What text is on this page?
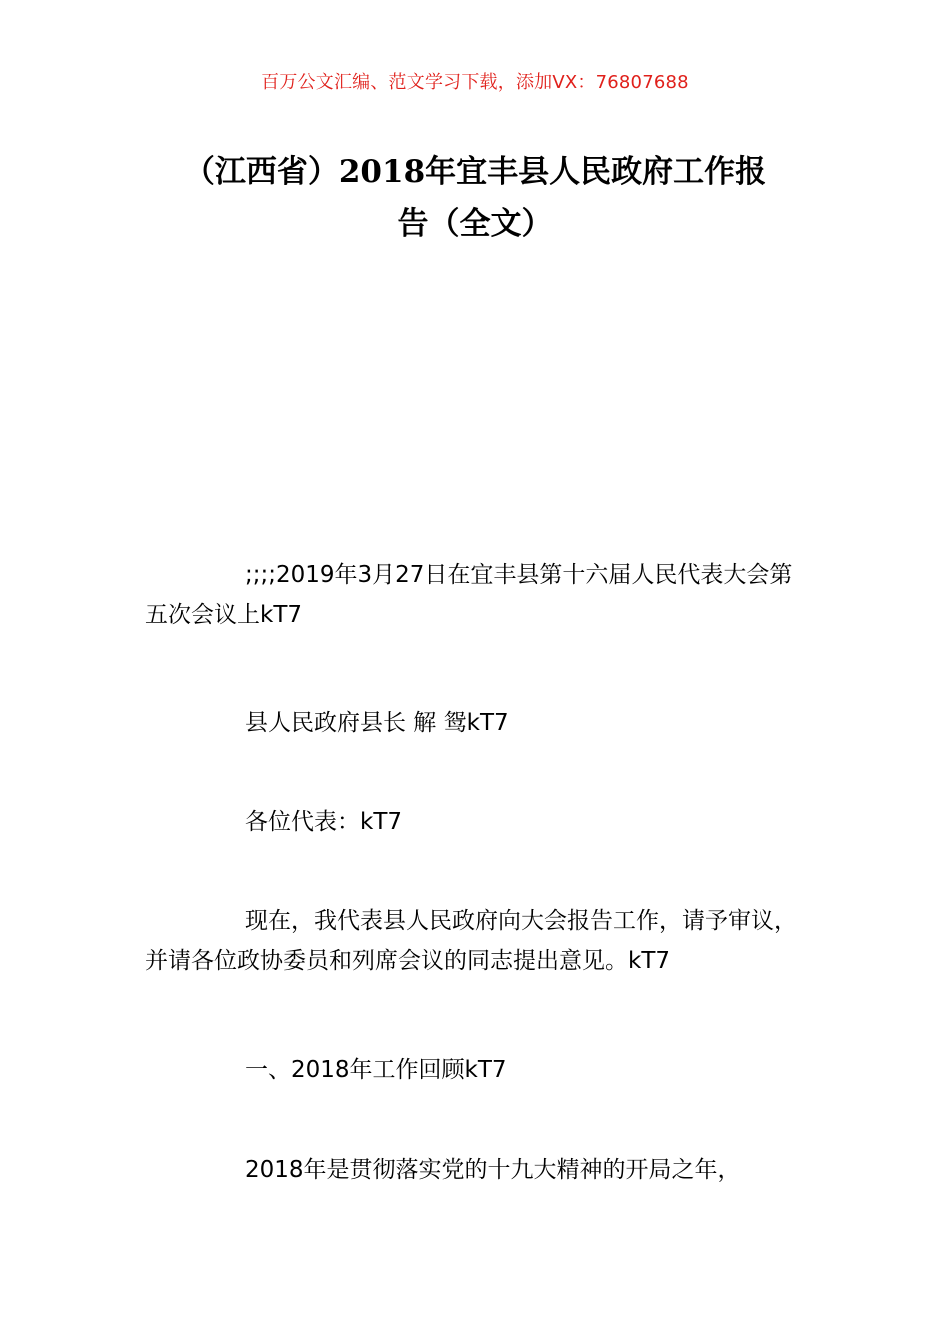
百万公文汇编、范文学习下载，添加VX：76807688
（江西省）2018年宜丰县人民政府工作报
告（全文）

;;;;2019年3月27日在宜丰县第十六届人民代表大会第五次会议上kT7

县人民政府县长 解 鸳kT7

各位代表：kT7

现在，我代表县人民政府向大会报告工作，请予审议，并请各位政协委员和列席会议的同志提出意见。kT7

一、2018年工作回顾kT7

2018年是贯彻落实党的十九大精神的开局之年，
